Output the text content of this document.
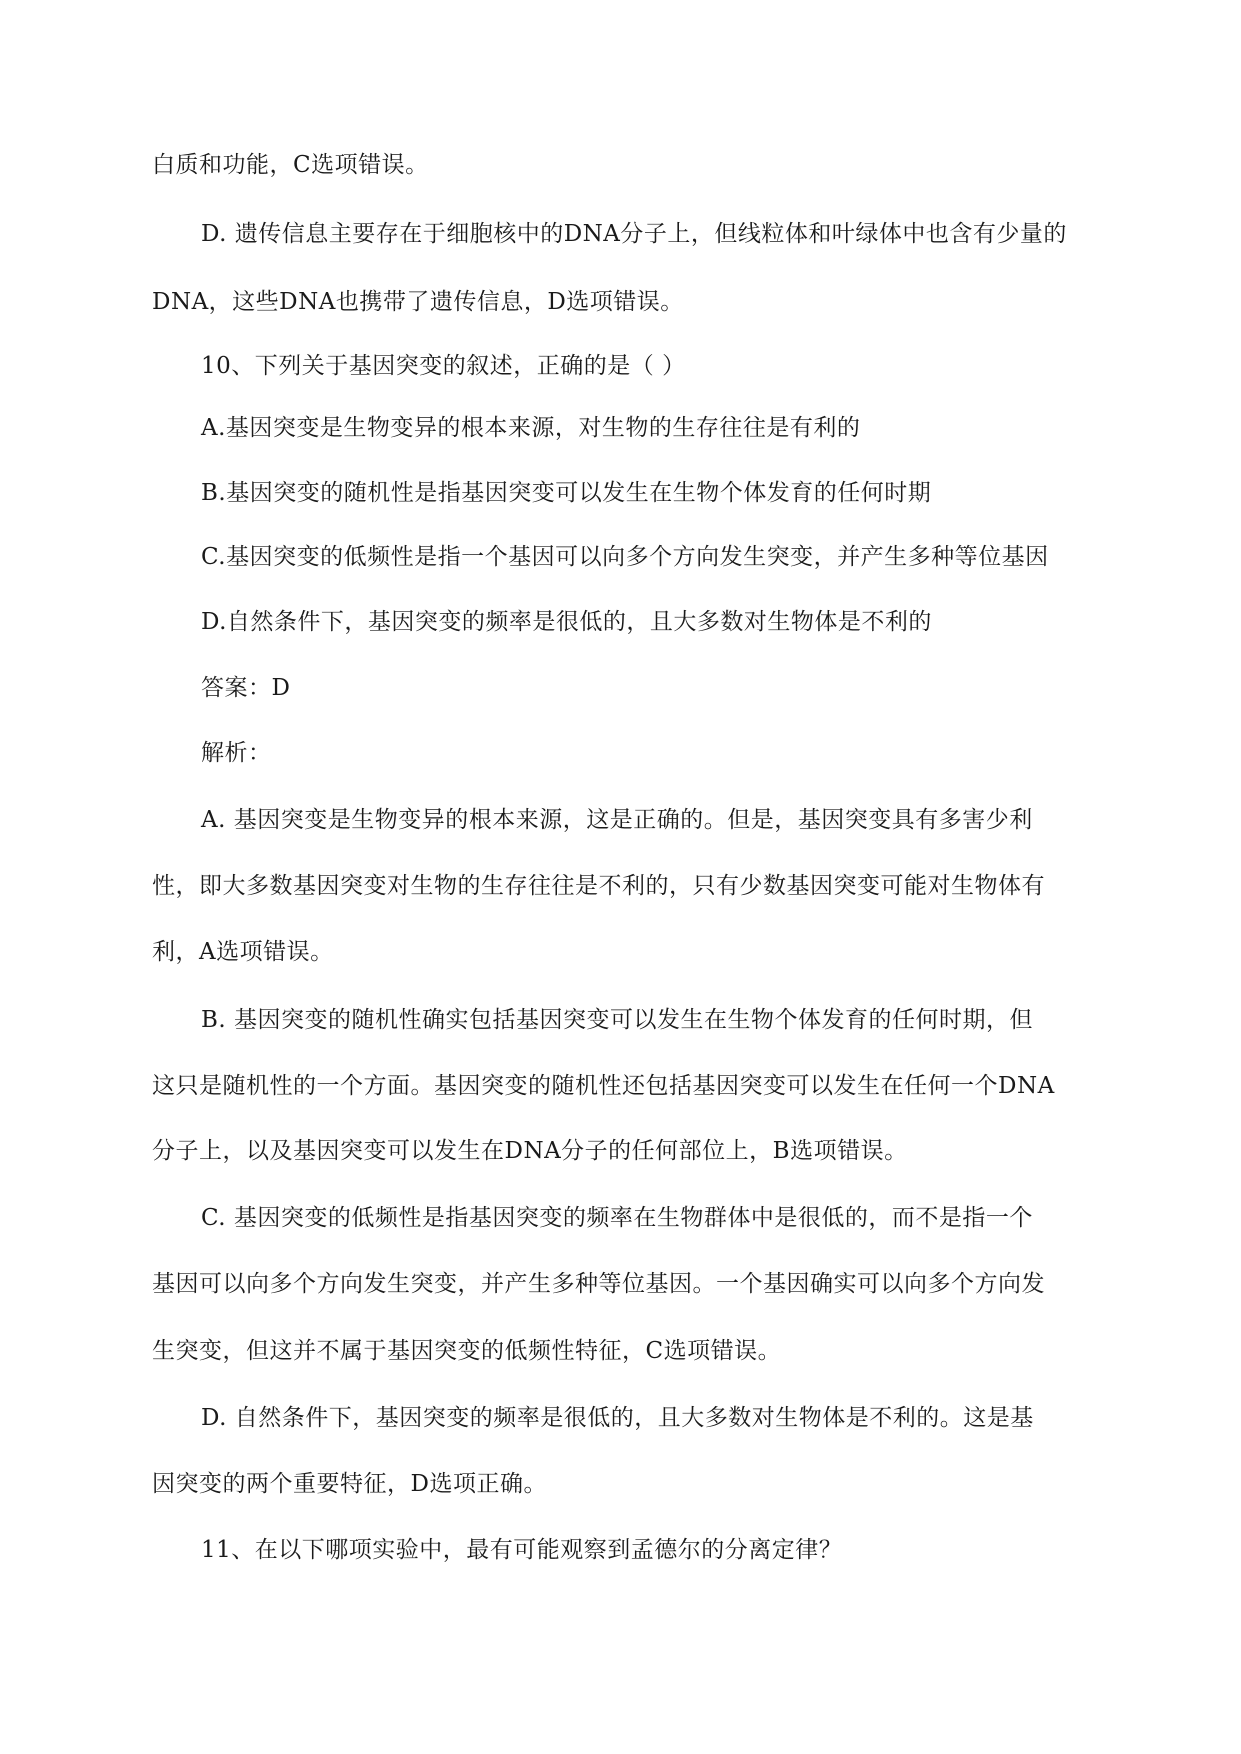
白质和功能，C选项错误。
D. 遗传信息主要存在于细胞核中的DNA分子上，但线粒体和叶绿体中也含有少量的
DNA，这些DNA也携带了遗传信息，D选项错误。
10、下列关于基因突变的叙述，正确的是（ ）
A.基因突变是生物变异的根本来源，对生物的生存往往是有利的
B.基因突变的随机性是指基因突变可以发生在生物个体发育的任何时期
C.基因突变的低频性是指一个基因可以向多个方向发生突变，并产生多种等位基因
D.自然条件下，基因突变的频率是很低的，且大多数对生物体是不利的
答案：D
解析：
A. 基因突变是生物变异的根本来源，这是正确的。但是，基因突变具有多害少利
性，即大多数基因突变对生物的生存往往是不利的，只有少数基因突变可能对生物体有
利，A选项错误。
B. 基因突变的随机性确实包括基因突变可以发生在生物个体发育的任何时期，但
这只是随机性的一个方面。基因突变的随机性还包括基因突变可以发生在任何一个DNA
分子上，以及基因突变可以发生在DNA分子的任何部位上，B选项错误。
C. 基因突变的低频性是指基因突变的频率在生物群体中是很低的，而不是指一个
基因可以向多个方向发生突变，并产生多种等位基因。一个基因确实可以向多个方向发
生突变，但这并不属于基因突变的低频性特征，C选项错误。
D. 自然条件下，基因突变的频率是很低的，且大多数对生物体是不利的。这是基
因突变的两个重要特征，D选项正确。
11、在以下哪项实验中，最有可能观察到孟德尔的分离定律？
